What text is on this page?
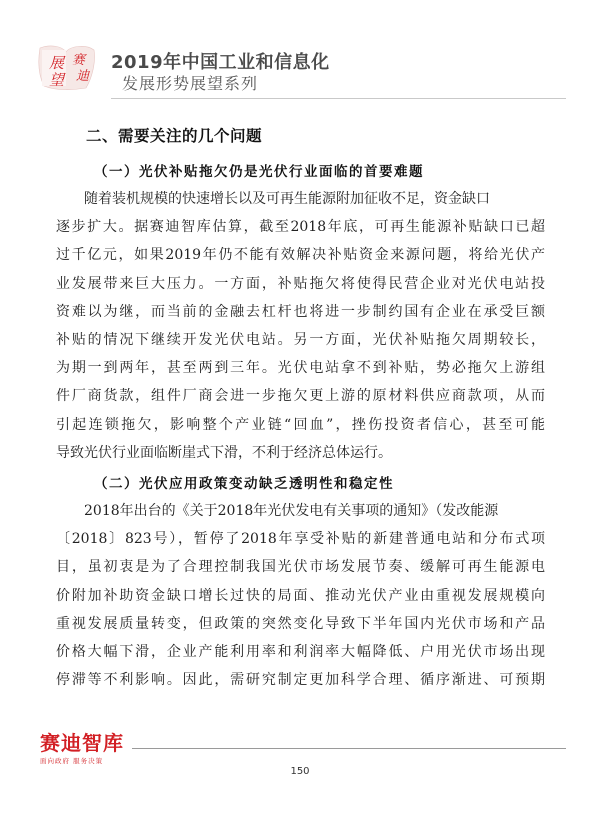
展
望
赛
迪
2019年中国工业和信息化
发展形势展望系列
二、需要关注的几个问题
（一）光伏补贴拖欠仍是光伏行业面临的首要难题
随着装机规模的快速增长以及可再生能源附加征收不足，资金缺口
逐步扩大。据赛迪智库估算，截至2018年底，可再生能源补贴缺口已超
过千亿元，如果2019年仍不能有效解决补贴资金来源问题，将给光伏产
业发展带来巨大压力。一方面，补贴拖欠将使得民营企业对光伏电站投
资难以为继，而当前的金融去杠杆也将进一步制约国有企业在承受巨额
补贴的情况下继续开发光伏电站。另一方面，光伏补贴拖欠周期较长，
为期一到两年，甚至两到三年。光伏电站拿不到补贴，势必拖欠上游组
件厂商货款，组件厂商会进一步拖欠更上游的原材料供应商款项，从而
引起连锁拖欠，影响整个产业链“回血”，挫伤投资者信心，甚至可能
导致光伏行业面临断崖式下滑，不利于经济总体运行。
（二）光伏应用政策变动缺乏透明性和稳定性
2018年出台的《关于2018年光伏发电有关事项的通知》（发改能源
〔2018〕823号），暂停了2018年享受补贴的新建普通电站和分布式项
目，虽初衷是为了合理控制我国光伏市场发展节奏、缓解可再生能源电
价附加补助资金缺口增长过快的局面、推动光伏产业由重视发展规模向
重视发展质量转变，但政策的突然变化导致下半年国内光伏市场和产品
价格大幅下滑，企业产能利用率和利润率大幅降低、户用光伏市场出现
停滞等不利影响。因此，需研究制定更加科学合理、循序渐进、可预期
赛迪智库
面向政府 服务决策
150
